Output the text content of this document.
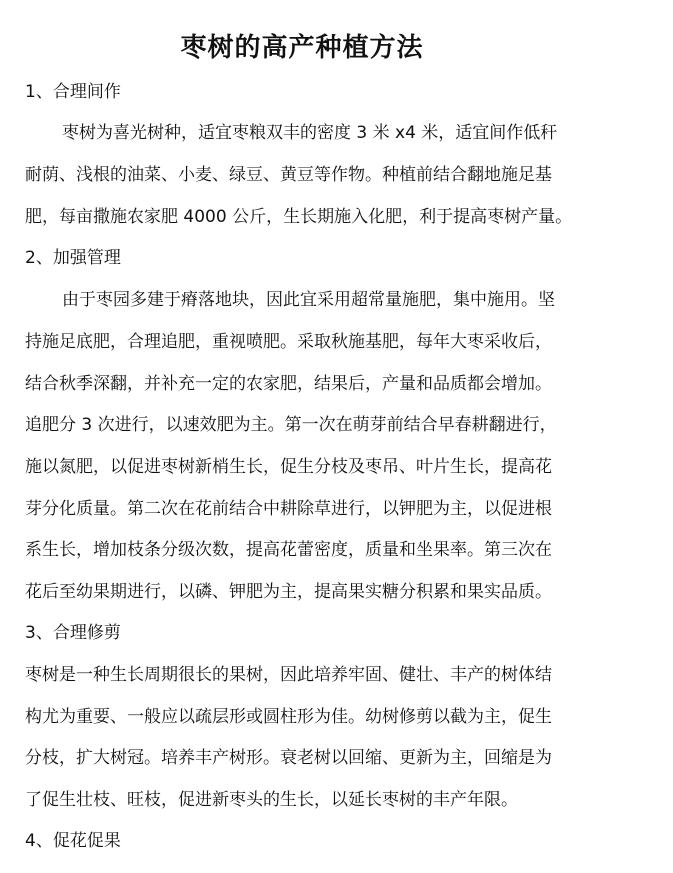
枣树的高产种植方法
1、合理间作
枣树为喜光树种，适宜枣粮双丰的密度 3 米 x4 米，适宜间作低秆
耐荫、浅根的油菜、小麦、绿豆、黄豆等作物。种植前结合翻地施足基
肥，每亩撒施农家肥 4000 公斤，生长期施入化肥，利于提高枣树产量。
2、加强管理
由于枣园多建于瘠落地块，因此宜采用超常量施肥，集中施用。坚
持施足底肥，合理追肥，重视喷肥。采取秋施基肥，每年大枣采收后，
结合秋季深翻，并补充一定的农家肥，结果后，产量和品质都会增加。
追肥分 3 次进行，以速效肥为主。第一次在萌芽前结合早春耕翻进行，
施以氮肥，以促进枣树新梢生长，促生分枝及枣吊、叶片生长，提高花
芽分化质量。第二次在花前结合中耕除草进行，以钾肥为主，以促进根
系生长，增加枝条分级次数，提高花蕾密度，质量和坐果率。第三次在
花后至幼果期进行，以磷、钾肥为主，提高果实糖分积累和果实品质。
3、合理修剪
枣树是一种生长周期很长的果树，因此培养牢固、健壮、丰产的树体结
构尤为重要、一般应以疏层形或圆柱形为佳。幼树修剪以截为主，促生
分枝，扩大树冠。培养丰产树形。衰老树以回缩、更新为主，回缩是为
了促生壮枝、旺枝，促进新枣头的生长，以延长枣树的丰产年限。
4、促花促果
